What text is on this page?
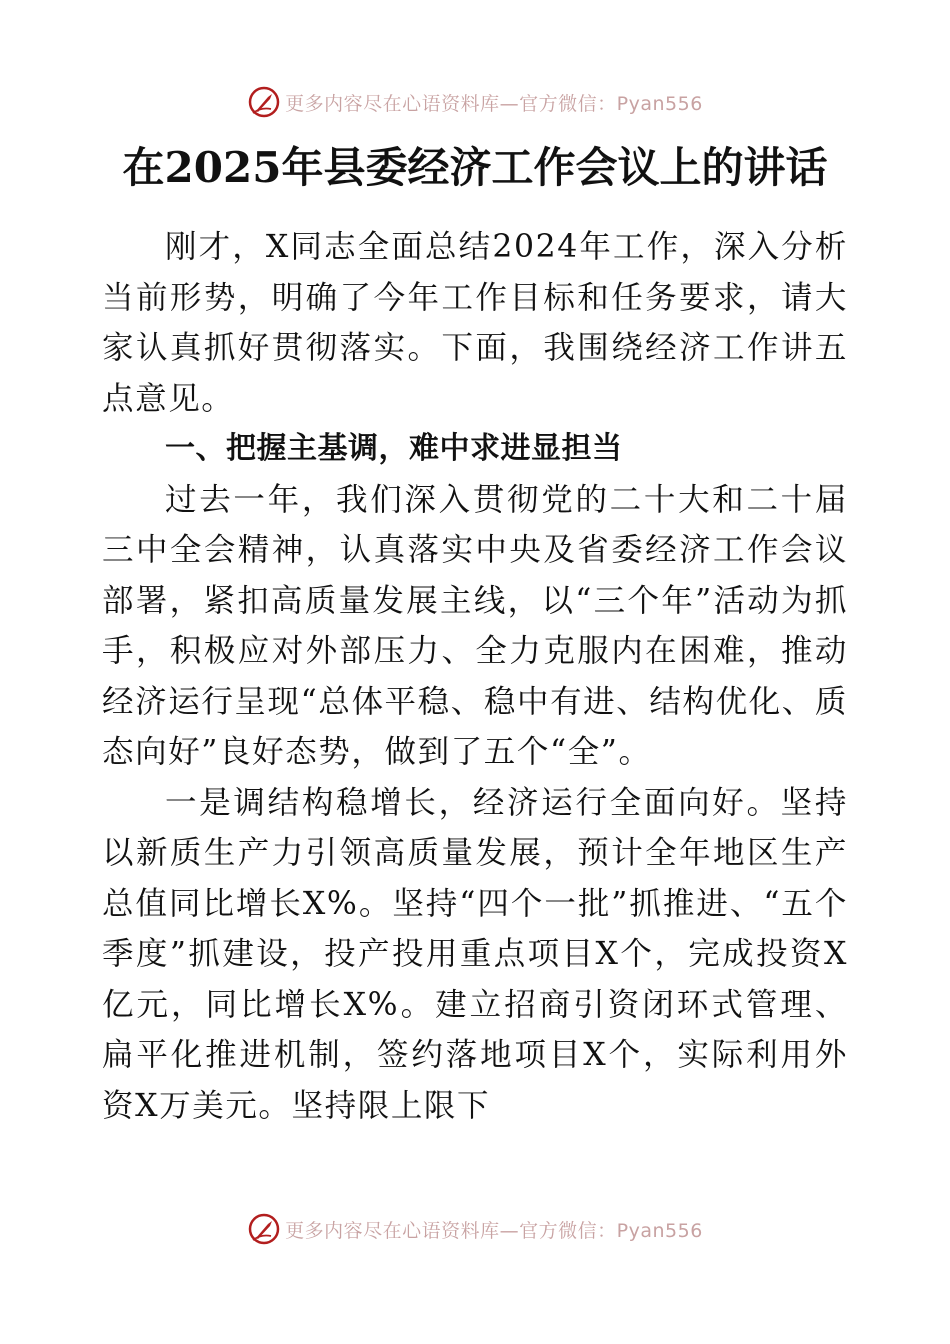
更多内容尽在心语资料库—官方微信：Pyan556
在2025年县委经济工作会议上的讲话

刚才，X同志全面总结2024年工作，深入分析当前形势，明确了今年工作目标和任务要求，请大家认真抓好贯彻落实。下面，我围绕经济工作讲五点意见。

一、把握主基调，难中求进显担当

过去一年，我们深入贯彻党的二十大和二十届三中全会精神，认真落实中央及省委经济工作会议部署，紧扣高质量发展主线，以“三个年”活动为抓手，积极应对外部压力、全力克服内在困难，推动经济运行呈现“总体平稳、稳中有进、结构优化、质态向好”良好态势，做到了五个“全”。

一是调结构稳增长，经济运行全面向好。坚持以新质生产力引领高质量发展，预计全年地区生产总值同比增长X%。坚持“四个一批”抓推进、“五个季度”抓建设，投产投用重点项目X个，完成投资X亿元，同比增长X%。建立招商引资闭环式管理、扁平化推进机制，签约落地项目X个，实际利用外资X万美元。坚持限上限下

更多内容尽在心语资料库—官方微信：Pyan556
